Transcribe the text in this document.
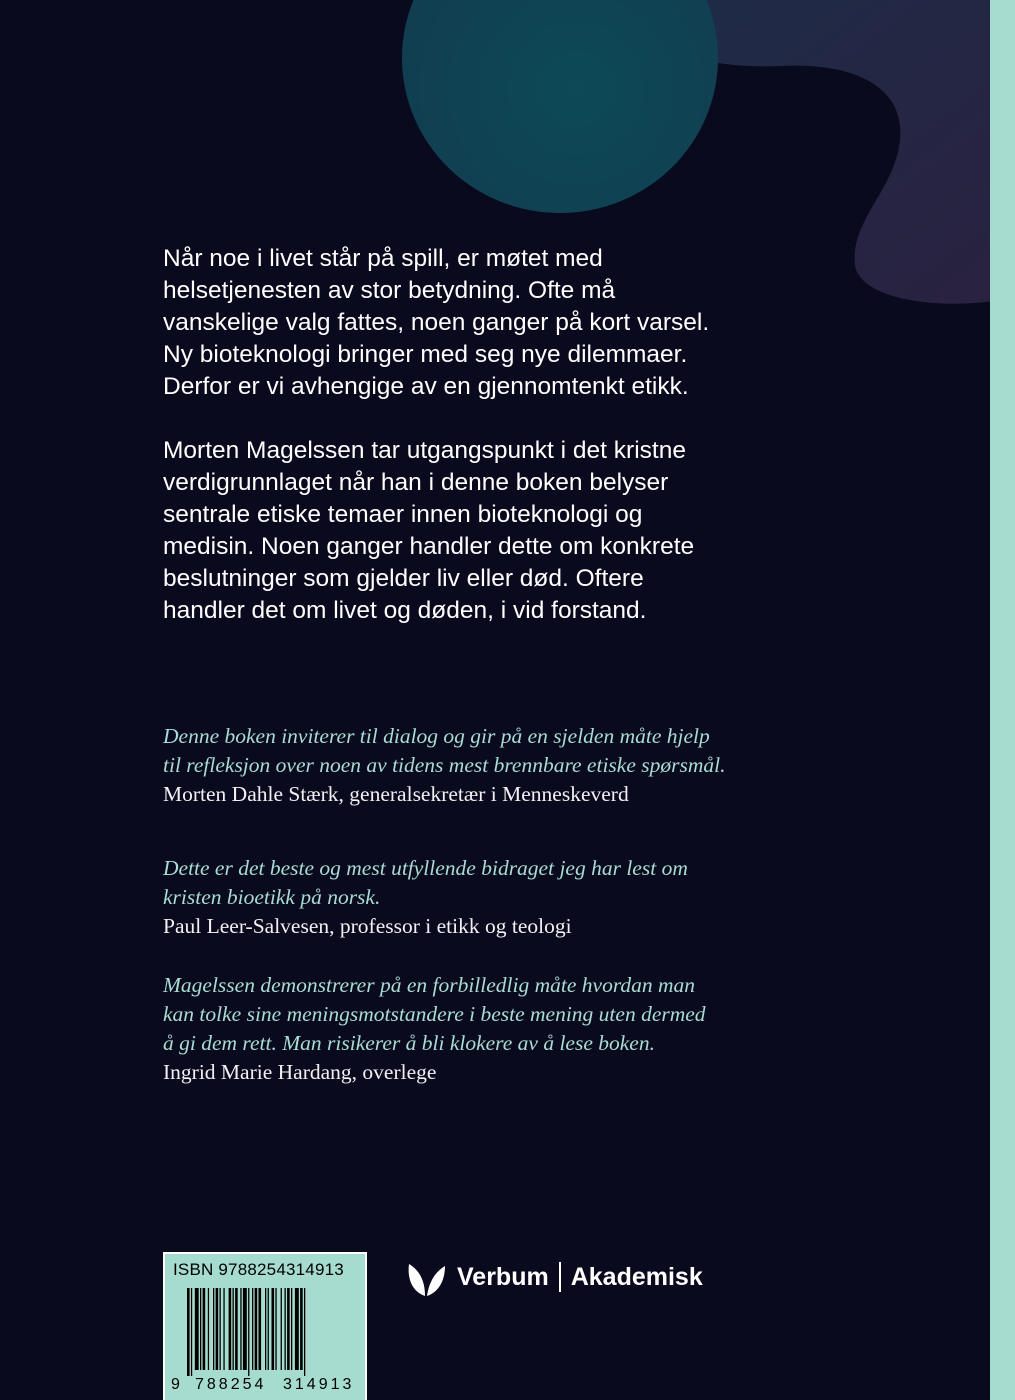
Når noe i livet står på spill, er møtet med
helsetjenesten av stor betydning. Ofte må
vanskelige valg fattes, noen ganger på kort varsel.
Ny bioteknologi bringer med seg nye dilemmaer.
Derfor er vi avhengige av en gjennomtenkt etikk.

Morten Magelssen tar utgangspunkt i det kristne
verdigrunnlaget når han i denne boken belyser
sentrale etiske temaer innen bioteknologi og
medisin. Noen ganger handler dette om konkrete
beslutninger som gjelder liv eller død. Oftere
handler det om livet og døden, i vid forstand.

Denne boken inviterer til dialog og gir på en sjelden måte hjelp
til refleksjon over noen av tidens mest brennbare etiske spørsmål.
Morten Dahle Stærk, generalsekretær i Menneskeverd
Dette er det beste og mest utfyllende bidraget jeg har lest om
kristen bioetikk på norsk.
Paul Leer-Salvesen, professor i etikk og teologi
Magelssen demonstrerer på en forbilledlig måte hvordan man
kan tolke sine meningsmotstandere i beste mening uten dermed
å gi dem rett. Man risikerer å bli klokere av å lese boken.
Ingrid Marie Hardang, overlege
ISBN 9788254314913
9 788254 314913
Verbum Akademisk
